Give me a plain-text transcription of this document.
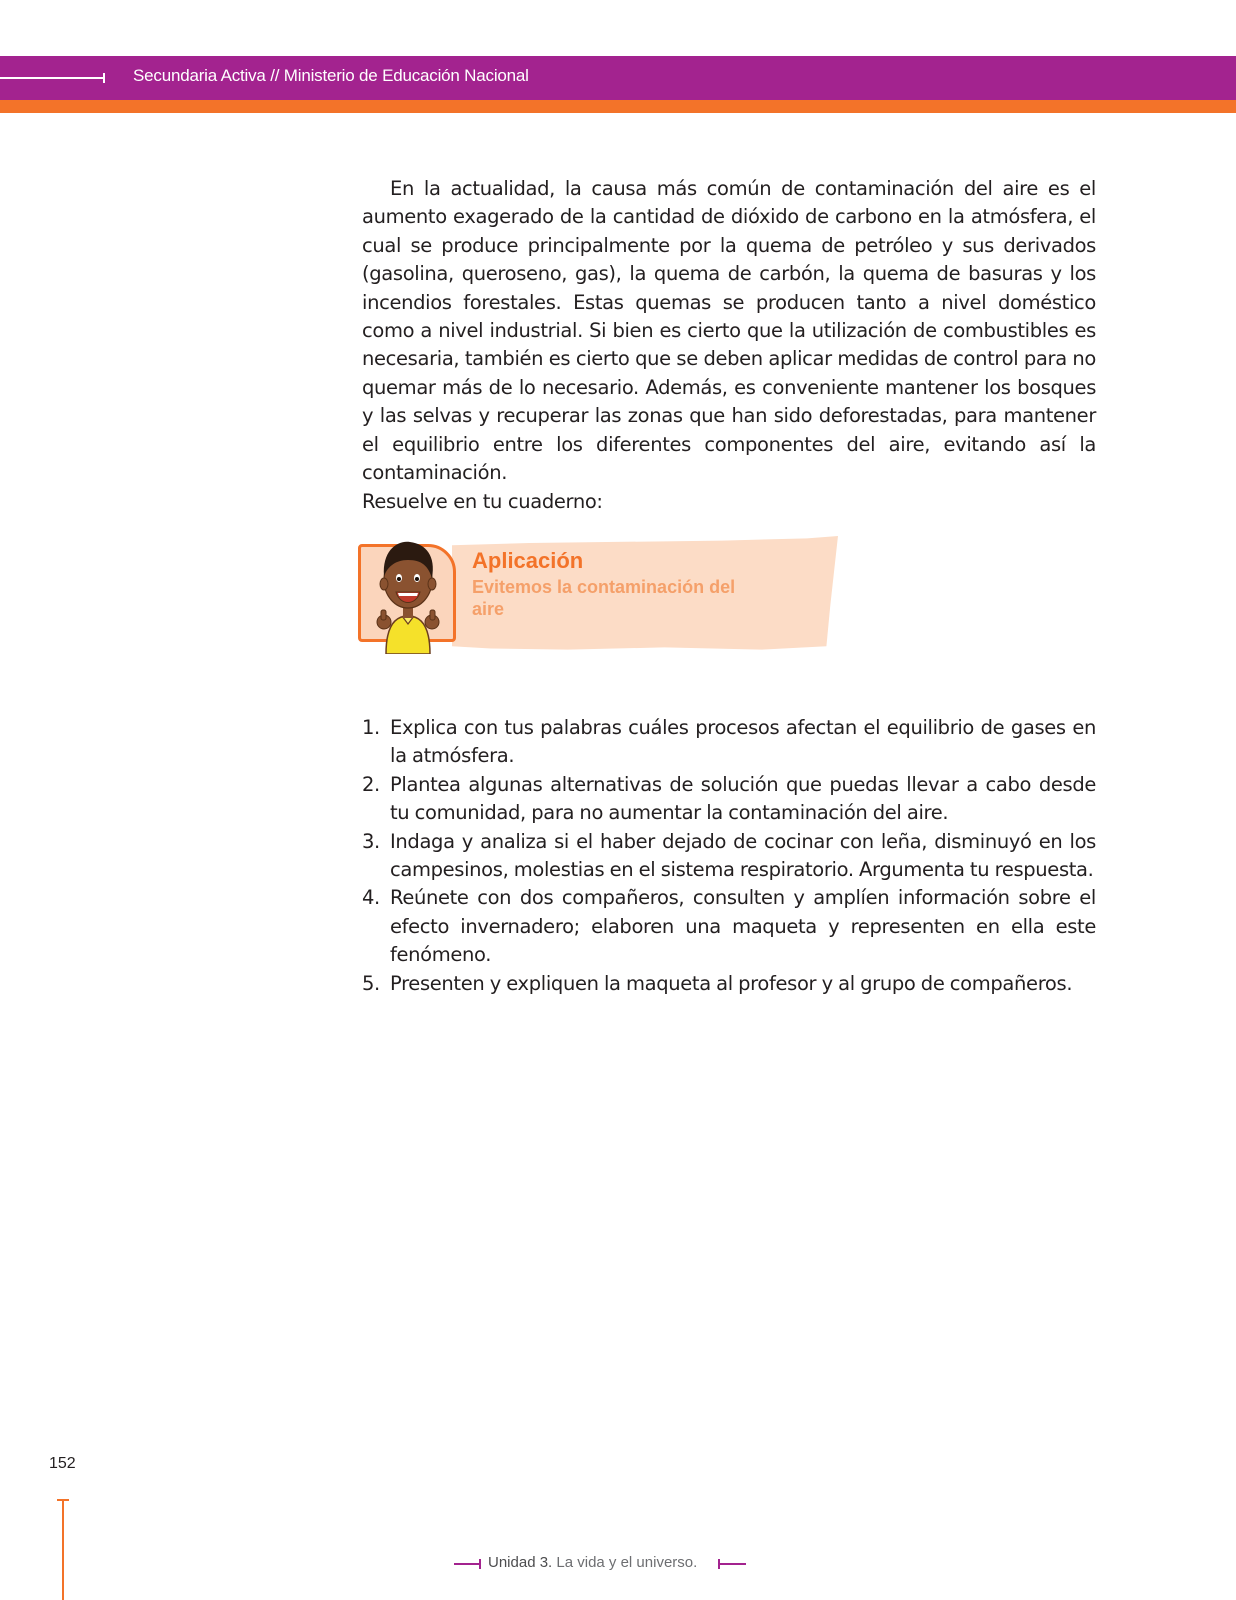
Secundaria Activa // Ministerio de Educación Nacional

En la actualidad, la causa más común de contaminación del aire es el aumento exagerado de la cantidad de dióxido de carbono en la atmósfera, el cual se produce principalmente por la quema de petróleo y sus derivados (gasolina, queroseno, gas), la quema de carbón, la quema de basuras y los incendios forestales. Estas quemas se producen tanto a nivel doméstico como a nivel industrial. Si bien es cierto que la utilización de combustibles es necesaria, también es cierto que se deben aplicar medidas de control para no quemar más de lo necesario. Además, es conveniente mantener los bosques y las selvas y recuperar las zonas que han sido deforestadas, para mantener el equilibrio entre los diferentes componentes del aire, evitando así la contaminación.

Resuelve en tu cuaderno:
Aplicación
Evitemos la contaminación del aire
1. Explica con tus palabras cuáles procesos afectan el equilibrio de gases en la atmósfera.
2. Plantea algunas alternativas de solución que puedas llevar a cabo desde tu comunidad, para no aumentar la contaminación del aire.
3. Indaga y analiza si el haber dejado de cocinar con leña, disminuyó en los campesinos, molestias en el sistema respiratorio. Argumenta tu respuesta.
4. Reúnete con dos compañeros, consulten y amplíen información sobre el efecto invernadero; elaboren una maqueta y representen en ella este fenómeno.
5. Presenten y expliquen la maqueta al profesor y al grupo de compañeros.
152
Unidad 3. La vida y el universo.
